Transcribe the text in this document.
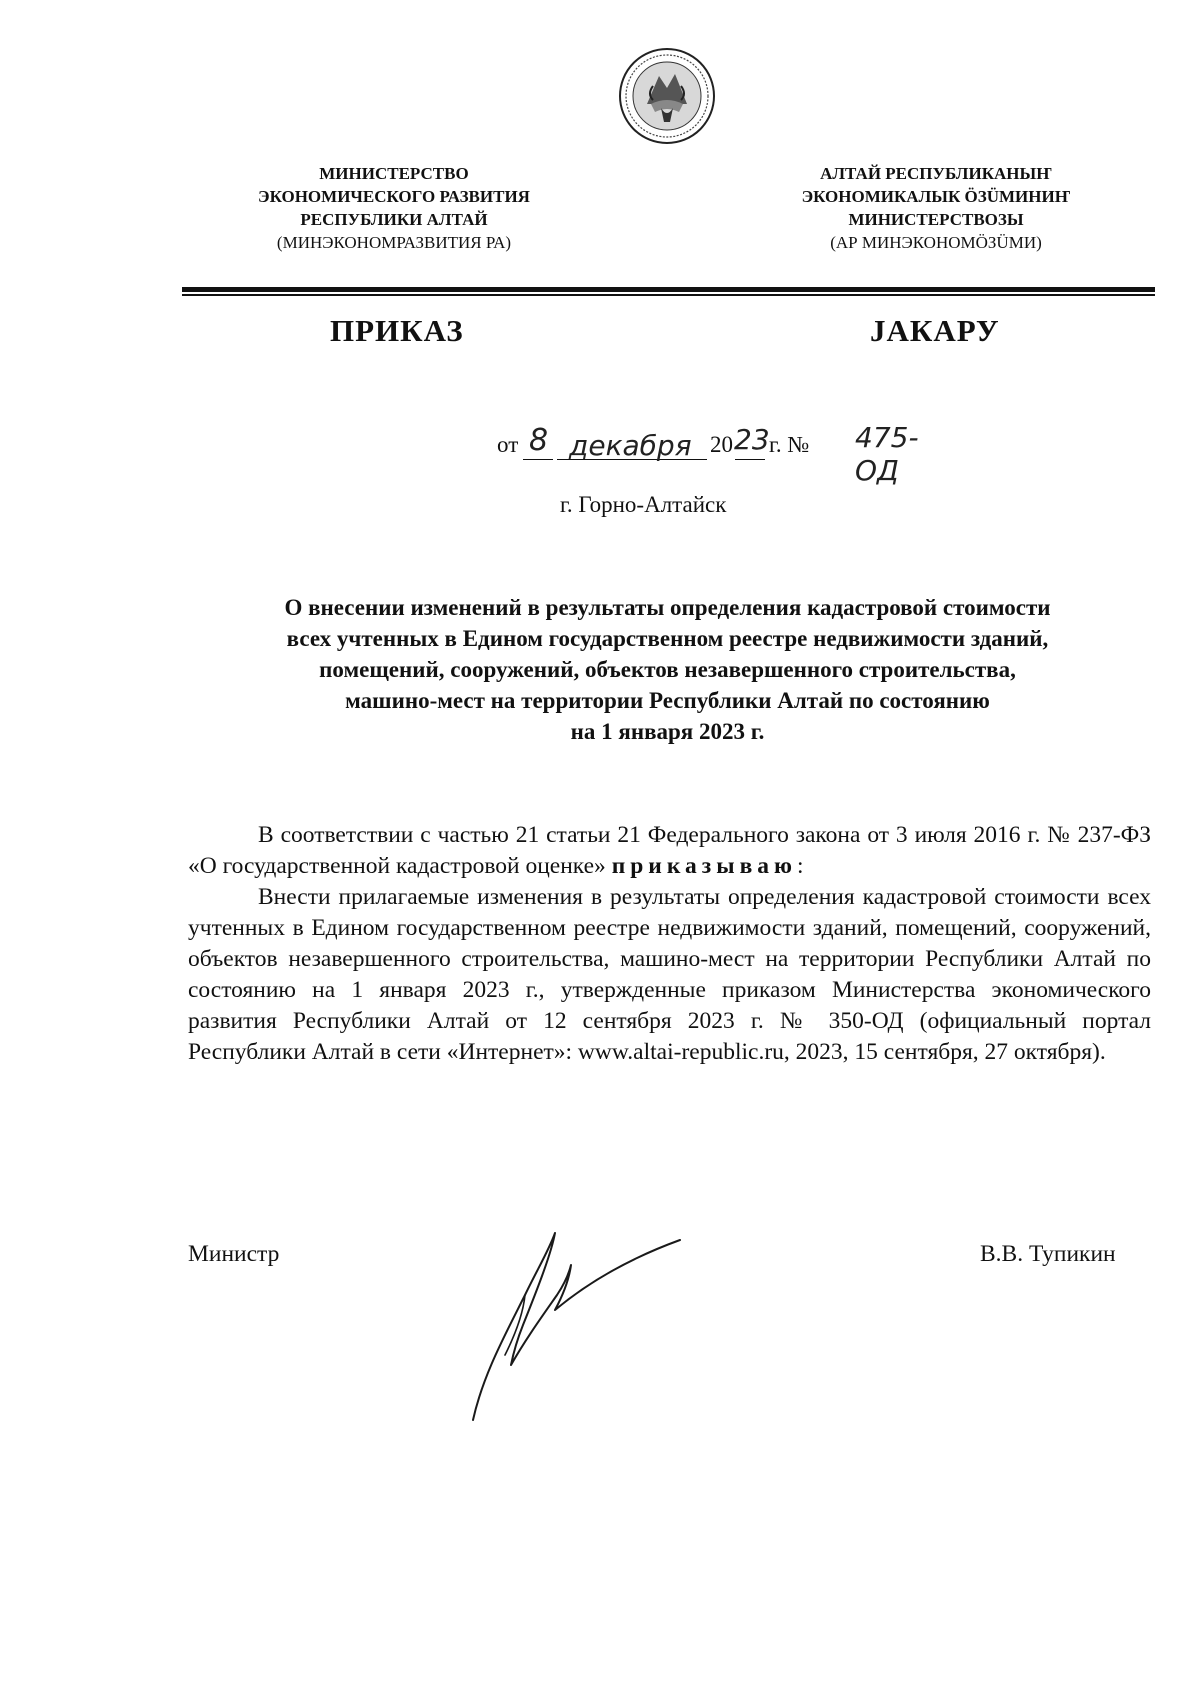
МИНИСТЕРСТВО
ЭКОНОМИЧЕСКОГО РАЗВИТИЯ
РЕСПУБЛИКИ АЛТАЙ
(МИНЭКОНОМРАЗВИТИЯ РА)
АЛТАЙ РЕСПУБЛИКАНЫҤ
ЭКОНОМИКАЛЫК ÖЗÜМИНИҤ
МИНИСТЕРСТВОЗЫ
(АР МИНЭКОНОМÖЗÜМИ)
ПРИКАЗ	JАКАРУ
от 8 декабря 20 23 г. № 475-ОД
г. Горно-Алтайск
О внесении изменений в результаты определения кадастровой стоимости
всех учтенных в Едином государственном реестре недвижимости зданий,
помещений, сооружений, объектов незавершенного строительства,
машино-мест на территории Республики Алтай по состоянию
на 1 января 2023 г.

В соответствии с частью 21 статьи 21 Федерального закона от 3 июля 2016 г. № 237-ФЗ «О государственной кадастровой оценке» приказываю:

Внести прилагаемые изменения в результаты определения кадастровой стоимости всех учтенных в Едином государственном реестре недвижимости зданий, помещений, сооружений, объектов незавершенного строительства, машино-мест на территории Республики Алтай по состоянию на 1 января 2023 г., утвержденные приказом Министерства экономического развития Республики Алтай от 12 сентября 2023 г. № 350-ОД (официальный портал Республики Алтай в сети «Интернет»: www.altai-republic.ru, 2023, 15 сентября, 27 октября).

Министр	В.В. Тупикин
